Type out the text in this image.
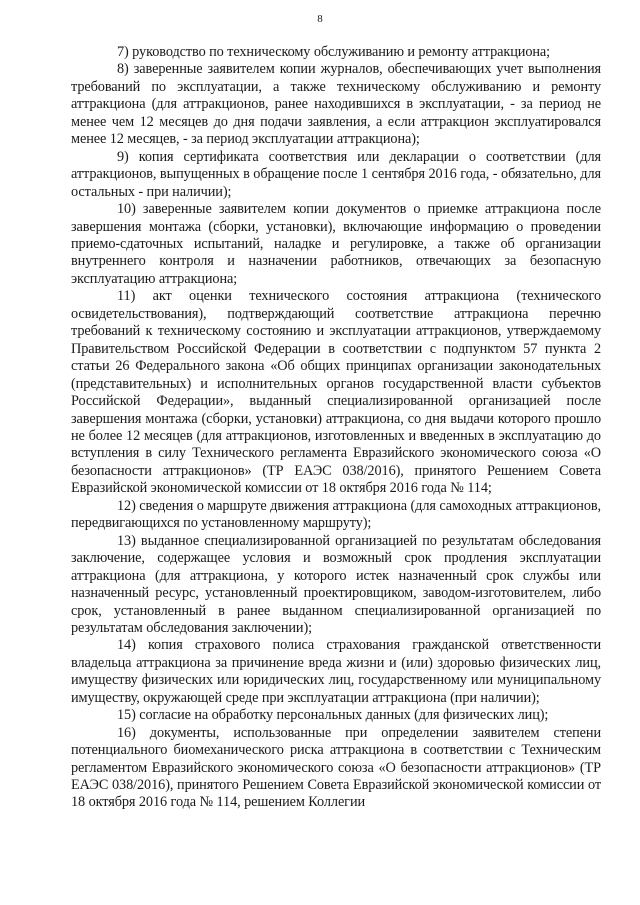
8

7) руководство по техническому обслуживанию и ремонту аттракциона;

8) заверенные заявителем копии журналов, обеспечивающих учет выполнения требований по эксплуатации, а также техническому обслуживанию и ремонту аттракциона (для аттракционов, ранее находившихся в эксплуатации, - за период не менее чем 12 месяцев до дня подачи заявления, а если аттракцион эксплуатировался менее 12 месяцев, - за период эксплуатации аттракциона);

9) копия сертификата соответствия или декларации о соответствии (для аттракционов, выпущенных в обращение после 1 сентября 2016 года, - обязательно, для остальных - при наличии);

10) заверенные заявителем копии документов о приемке аттракциона после завершения монтажа (сборки, установки), включающие информацию о проведении приемо-сдаточных испытаний, наладке и регулировке, а также об организации внутреннего контроля и назначении работников, отвечающих за безопасную эксплуатацию аттракциона;

11) акт оценки технического состояния аттракциона (технического освидетельствования), подтверждающий соответствие аттракциона перечню требований к техническому состоянию и эксплуатации аттракционов, утверждаемому Правительством Российской Федерации в соответствии с подпунктом 57 пункта 2 статьи 26 Федерального закона «Об общих принципах организации законодательных (представительных) и исполнительных органов государственной власти субъектов Российской Федерации», выданный специализированной организацией после завершения монтажа (сборки, установки) аттракциона, со дня выдачи которого прошло не более 12 месяцев (для аттракционов, изготовленных и введенных в эксплуатацию до вступления в силу Технического регламента Евразийского экономического союза «О безопасности аттракционов» (ТР ЕАЭС 038/2016), принятого Решением Совета Евразийской экономической комиссии от 18 октября 2016 года № 114;

12) сведения о маршруте движения аттракциона (для самоходных аттракционов, передвигающихся по установленному маршруту);

13) выданное специализированной организацией по результатам обследования заключение, содержащее условия и возможный срок продления эксплуатации аттракциона (для аттракциона, у которого истек назначенный срок службы или назначенный ресурс, установленный проектировщиком, заводом-изготовителем, либо срок, установленный в ранее выданном специализированной организацией по результатам обследования заключении);

14) копия страхового полиса страхования гражданской ответственности владельца аттракциона за причинение вреда жизни и (или) здоровью физических лиц, имуществу физических или юридических лиц, государственному или муниципальному имуществу, окружающей среде при эксплуатации аттракциона (при наличии);

15) согласие на обработку персональных данных (для физических лиц);

16) документы, использованные при определении заявителем степени потенциального биомеханического риска аттракциона в соответствии с Техническим регламентом Евразийского экономического союза «О безопасности аттракционов» (ТР ЕАЭС 038/2016), принятого Решением Совета Евразийской экономической комиссии от 18 октября 2016 года № 114, решением Коллегии
